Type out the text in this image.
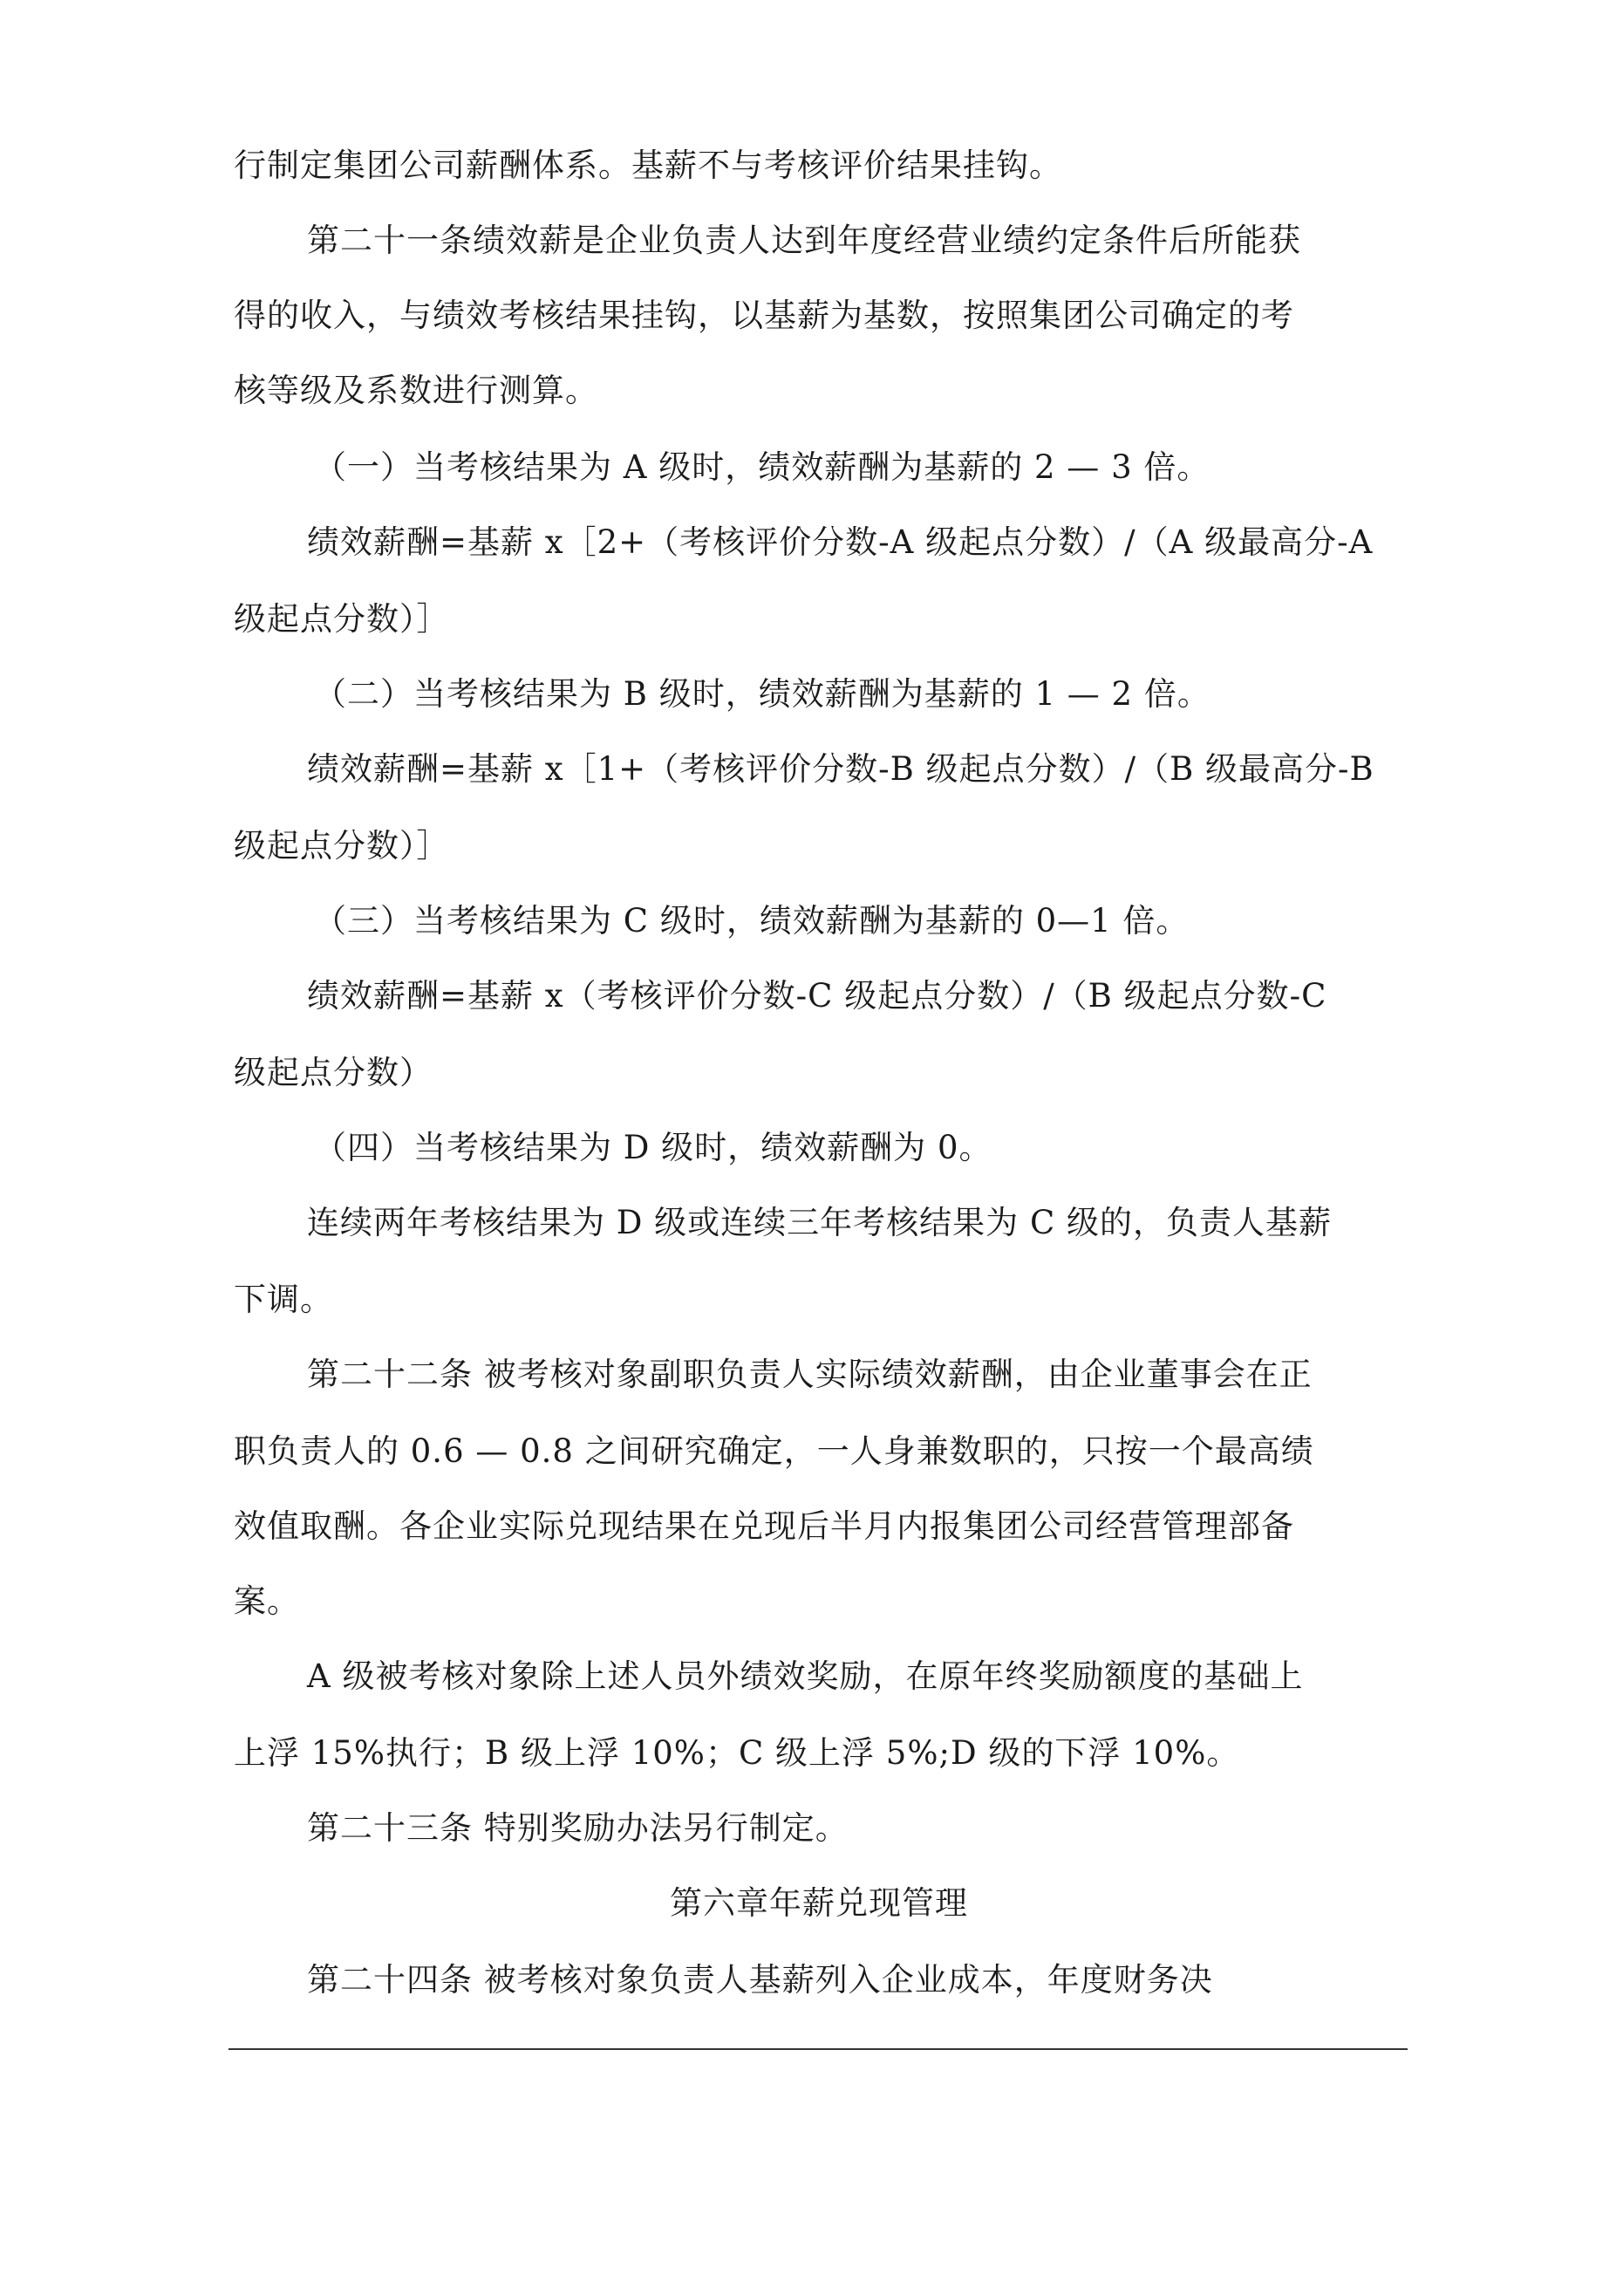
行制定集团公司薪酬体系。基薪不与考核评价结果挂钩。
第二十一条绩效薪是企业负责人达到年度经营业绩约定条件后所能获
得的收入，与绩效考核结果挂钩，以基薪为基数，按照集团公司确定的考
核等级及系数进行测算。
（一）当考核结果为 A 级时，绩效薪酬为基薪的 2 — 3 倍。
绩效薪酬=基薪 x［2+（考核评价分数-A 级起点分数）/（A 级最高分-A
级起点分数）］
（二）当考核结果为 B 级时，绩效薪酬为基薪的 1 — 2 倍。
绩效薪酬=基薪 x［1+（考核评价分数-B 级起点分数）/（B 级最高分-B
级起点分数）］
（三）当考核结果为 C 级时，绩效薪酬为基薪的 0—1 倍。
绩效薪酬=基薪 x（考核评价分数-C 级起点分数）/（B 级起点分数-C
级起点分数）
（四）当考核结果为 D 级时，绩效薪酬为 0。
连续两年考核结果为 D 级或连续三年考核结果为 C 级的，负责人基薪
下调。
第二十二条 被考核对象副职负责人实际绩效薪酬，由企业董事会在正
职负责人的 0.6 — 0.8 之间研究确定，一人身兼数职的，只按一个最高绩
效值取酬。各企业实际兑现结果在兑现后半月内报集团公司经营管理部备
案。
A 级被考核对象除上述人员外绩效奖励，在原年终奖励额度的基础上
上浮 15%执行；B 级上浮 10%；C 级上浮 5%;D 级的下浮 10%。
第二十三条 特别奖励办法另行制定。
第六章年薪兑现管理
第二十四条 被考核对象负责人基薪列入企业成本，年度财务决
